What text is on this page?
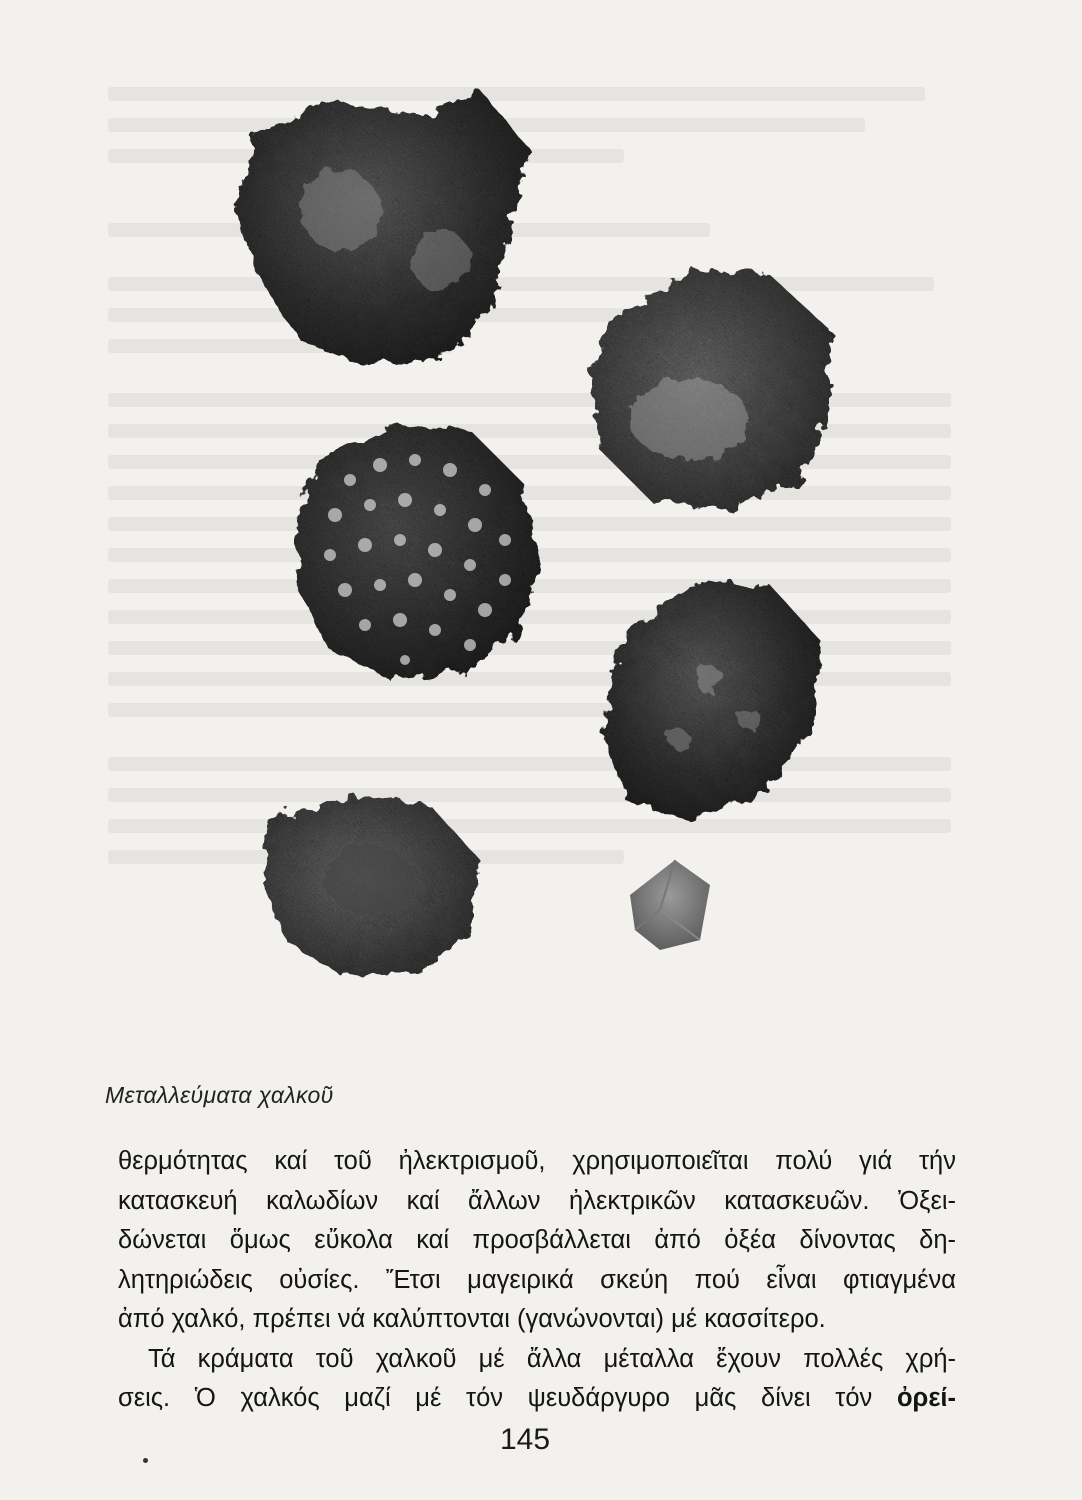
Μεταλλεύματα χαλκοῦ
θερμότητας καί τοῦ ἠλεκτρισμοῦ, χρησιμοποιεῖται πολύ γιά τήν
κατασκευή καλωδίων καί ἄλλων ἠλεκτρικῶν κατασκευῶν. Ὀξει-
δώνεται ὅμως εὔκολα καί προσβάλλεται ἀπό ὀξέα δίνοντας δη-
λητηριώδεις οὐσίες. Ἔτσι μαγειρικά σκεύη πού εἶναι φτιαγμένα
ἀπό χαλκό, πρέπει νά καλύπτονται (γανώνονται) μέ κασσίτερο.
Τά κράματα τοῦ χαλκοῦ μέ ἄλλα μέταλλα ἔχουν πολλές χρή-
σεις. Ὁ χαλκός μαζί μέ τόν ψευδάργυρο μᾶς δίνει τόν ὀρεί-
145
